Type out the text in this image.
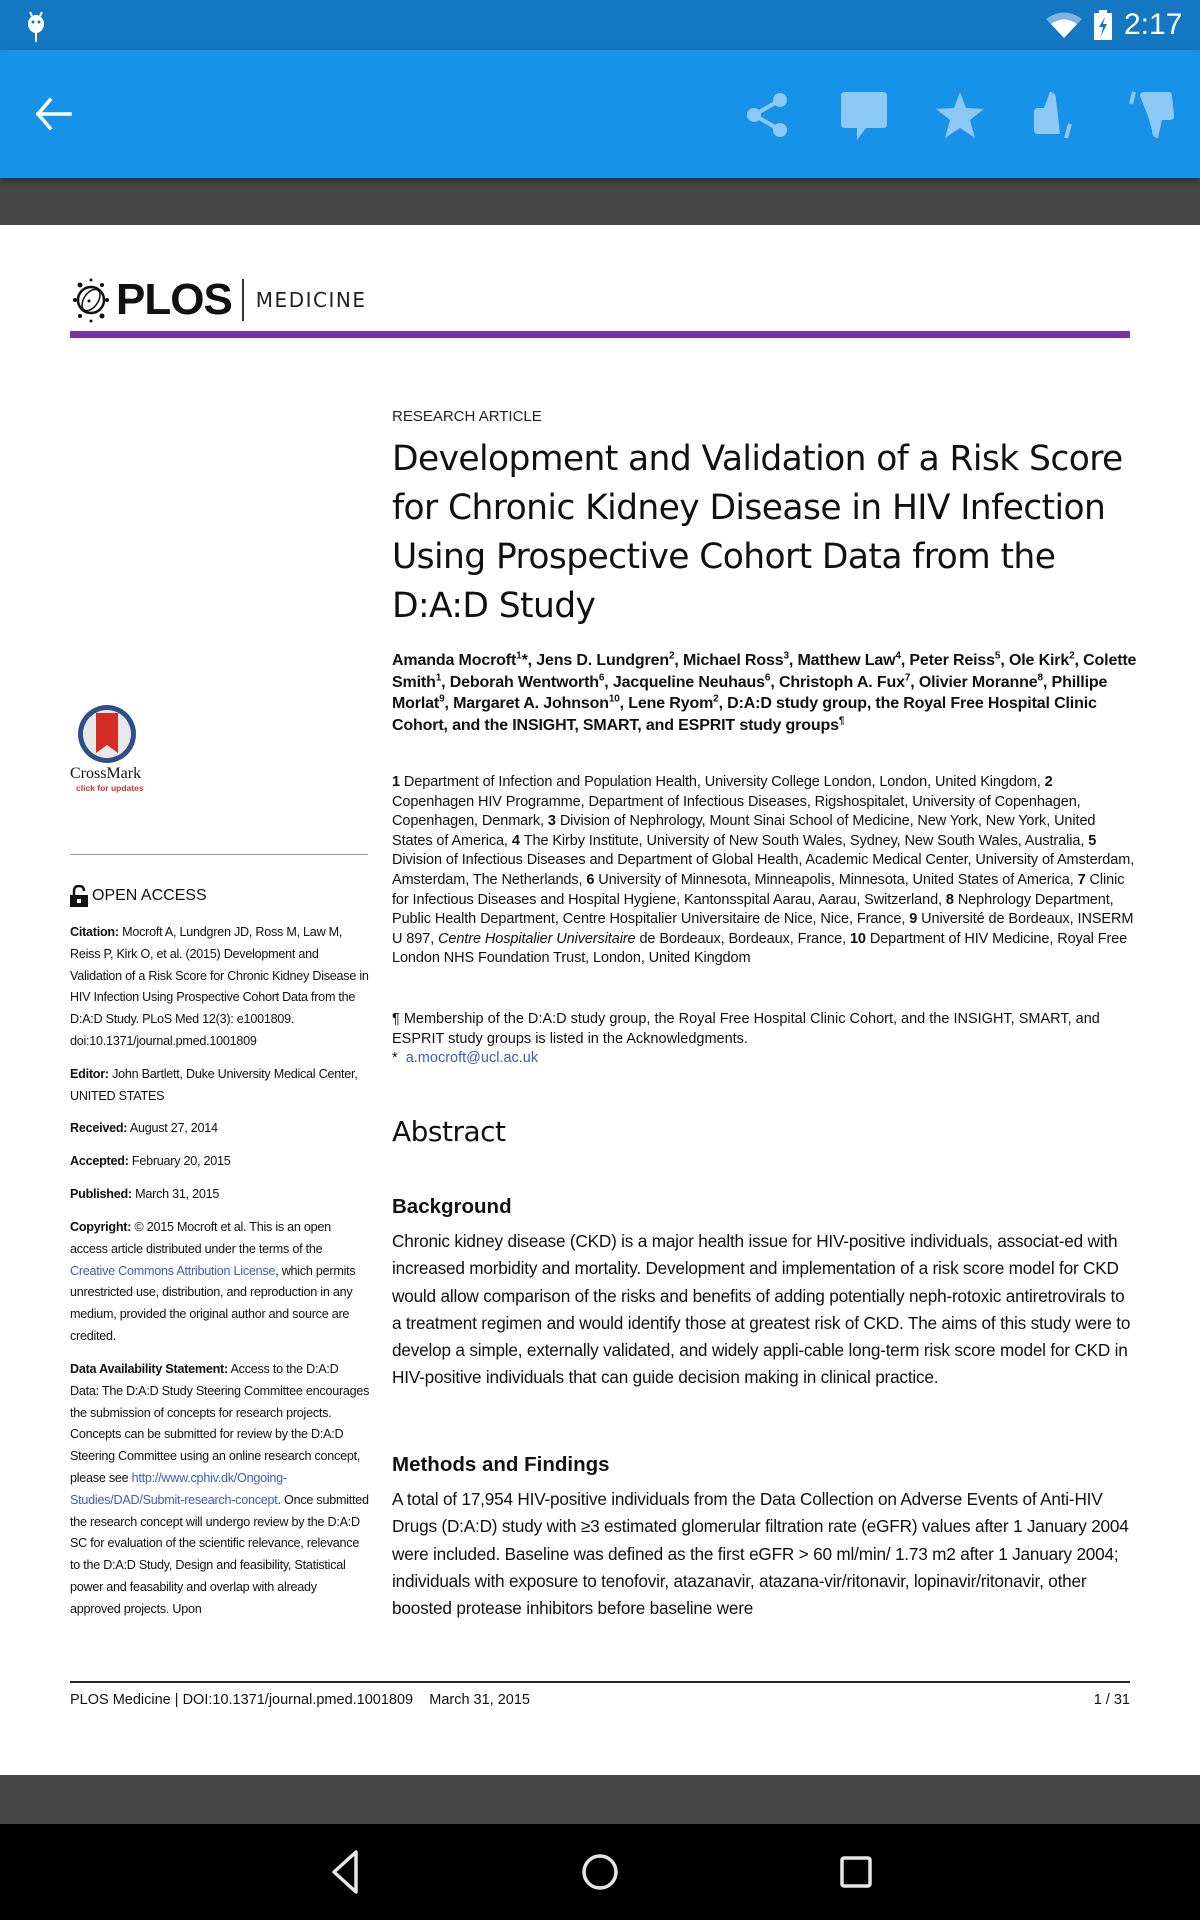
2:17
PLOS MEDICINE
CrossMark
click for updates
OPEN ACCESS
Citation: Mocroft A, Lundgren JD, Ross M, Law M, Reiss P, Kirk O, et al. (2015) Development and Validation of a Risk Score for Chronic Kidney Disease in HIV Infection Using Prospective Cohort Data from the D:A:D Study. PLoS Med 12(3): e1001809. doi:10.1371/journal.pmed.1001809
Editor: John Bartlett, Duke University Medical Center, UNITED STATES
Received: August 27, 2014
Accepted: February 20, 2015
Published: March 31, 2015
Copyright: © 2015 Mocroft et al. This is an open access article distributed under the terms of the Creative Commons Attribution License, which permits unrestricted use, distribution, and reproduction in any medium, provided the original author and source are credited.
Data Availability Statement: Access to the D:A:D Data: The D:A:D Study Steering Committee encourages the submission of concepts for research projects. Concepts can be submitted for review by the D:A:D Steering Committee using an online research concept, please see http://www.cphiv.dk/Ongoing-Studies/DAD/Submit-research-concept. Once submitted the research concept will undergo review by the D:A:D SC for evaluation of the scientific relevance, relevance to the D:A:D Study, Design and feasibility, Statistical power and feasability and overlap with already approved projects. Upon
RESEARCH ARTICLE
Development and Validation of a Risk Score for Chronic Kidney Disease in HIV Infection Using Prospective Cohort Data from the D:A:D Study
Amanda Mocroft$^1$*, Jens D. Lundgren$^2$, Michael Ross$^3$, Matthew Law$^4$, Peter Reiss$^5$, Ole Kirk$^2$, Colette Smith$^1$, Deborah Wentworth$^6$, Jacqueline Neuhaus$^6$, Christoph A. Fux$^7$, Olivier Moranne$^8$, Phillipe Morlat$^9$, Margaret A. Johnson$^{10}$, Lene Ryom$^2$, D:A:D study group, the Royal Free Hospital Clinic Cohort, and the INSIGHT, SMART, and ESPRIT study groups¶
1 Department of Infection and Population Health, University College London, London, United Kingdom, 2 Copenhagen HIV Programme, Department of Infectious Diseases, Rigshospitalet, University of Copenhagen, Copenhagen, Denmark, 3 Division of Nephrology, Mount Sinai School of Medicine, New York, New York, United States of America, 4 The Kirby Institute, University of New South Wales, Sydney, New South Wales, Australia, 5 Division of Infectious Diseases and Department of Global Health, Academic Medical Center, University of Amsterdam, Amsterdam, The Netherlands, 6 University of Minnesota, Minneapolis, Minnesota, United States of America, 7 Clinic for Infectious Diseases and Hospital Hygiene, Kantonsspital Aarau, Aarau, Switzerland, 8 Nephrology Department, Public Health Department, Centre Hospitalier Universitaire de Nice, Nice, France, 9 Université de Bordeaux, INSERM U 897, Centre Hospitalier Universitaire de Bordeaux, Bordeaux, France, 10 Department of HIV Medicine, Royal Free London NHS Foundation Trust, London, United Kingdom
¶ Membership of the D:A:D study group, the Royal Free Hospital Clinic Cohort, and the INSIGHT, SMART, and ESPRIT study groups is listed in the Acknowledgments.
* a.mocroft@ucl.ac.uk
Abstract
Background

Chronic kidney disease (CKD) is a major health issue for HIV-positive individuals, associat-ed with increased morbidity and mortality. Development and implementation of a risk score model for CKD would allow comparison of the risks and benefits of adding potentially neph-rotoxic antiretrovirals to a treatment regimen and would identify those at greatest risk of CKD. The aims of this study were to develop a simple, externally validated, and widely appli-cable long-term risk score model for CKD in HIV-positive individuals that can guide decision making in clinical practice.

Methods and Findings

A total of 17,954 HIV-positive individuals from the Data Collection on Adverse Events of Anti-HIV Drugs (D:A:D) study with ≥3 estimated glomerular filtration rate (eGFR) values after 1 January 2004 were included. Baseline was defined as the first eGFR > 60 ml/min/ 1.73 m2 after 1 January 2004; individuals with exposure to tenofovir, atazanavir, atazana-vir/ritonavir, lopinavir/ritonavir, other boosted protease inhibitors before baseline were

PLOS Medicine | DOI:10.1371/journal.pmed.1001809    March 31, 2015	1 / 31
